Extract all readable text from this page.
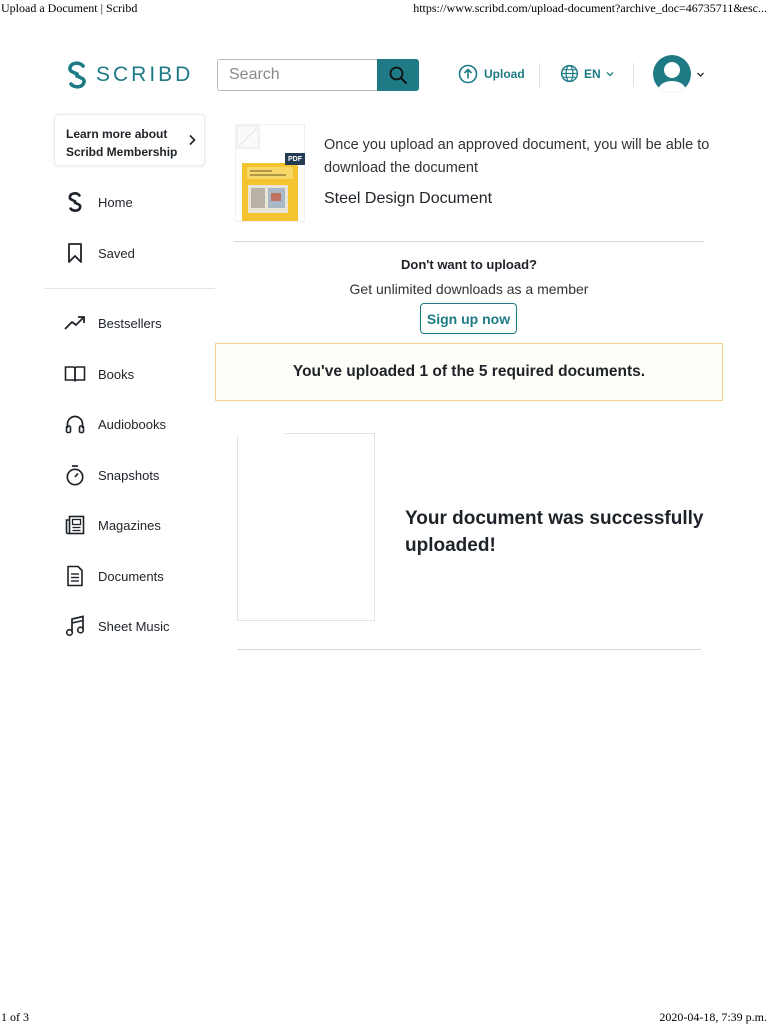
Upload a Document | Scribd	https://www.scribd.com/upload-document?archive_doc=46735711&esc...
1 of 3	2020-04-18, 7:39 p.m.
SCRIBD
Search	Upload	EN
Learn more about
Scribd Membership
Home
Saved
Bestsellers
Books
Audiobooks
Snapshots
Magazines
Documents
Sheet Music
PDF
Once you upload an approved document, you will be able to download the document
Steel Design Document
Don't want to upload?
Get unlimited downloads as a member
Sign up now
You've uploaded 1 of the 5 required documents.
Your document was successfully uploaded!
